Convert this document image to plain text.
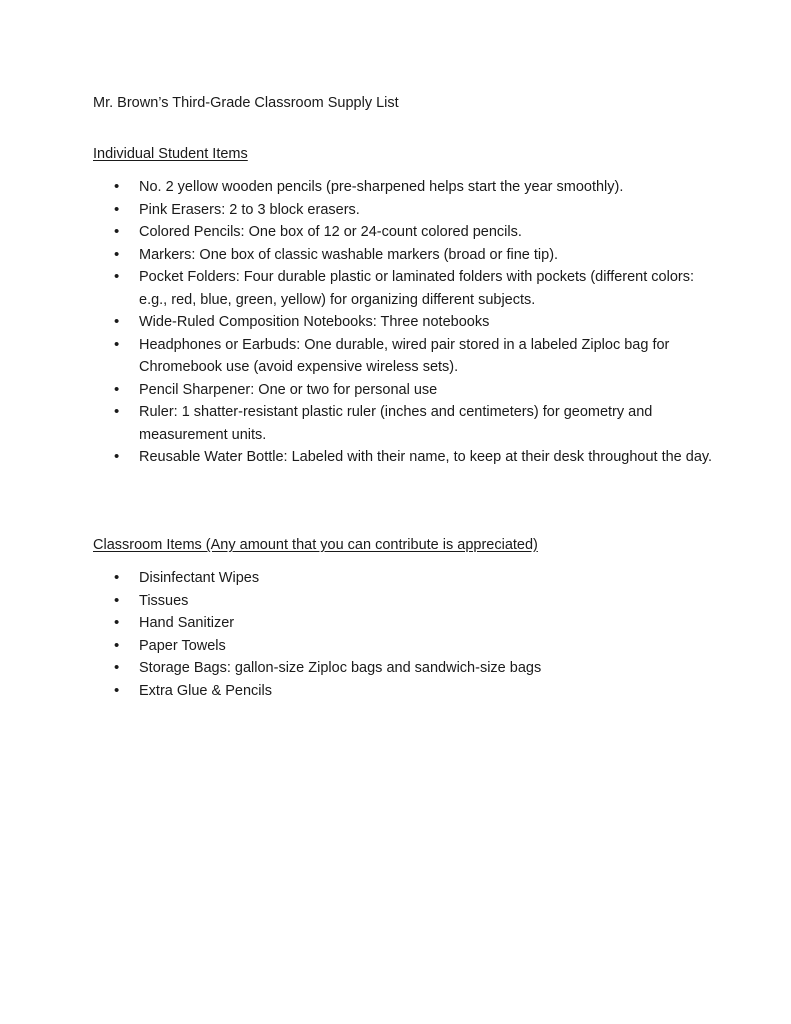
Mr. Brown’s Third-Grade Classroom Supply List
Individual Student Items
• No. 2 yellow wooden pencils (pre-sharpened helps start the year smoothly).
• Pink Erasers: 2 to 3 block erasers.
• Colored Pencils: One box of 12 or 24-count colored pencils.
• Markers: One box of classic washable markers (broad or fine tip).
• Pocket Folders: Four durable plastic or laminated folders with pockets (different colors: e.g., red, blue, green, yellow) for organizing different subjects.
• Wide-Ruled Composition Notebooks: Three notebooks
• Headphones or Earbuds: One durable, wired pair stored in a labeled Ziploc bag for Chromebook use (avoid expensive wireless sets).
• Pencil Sharpener: One or two for personal use
• Ruler: 1 shatter-resistant plastic ruler (inches and centimeters) for geometry and measurement units.
• Reusable Water Bottle: Labeled with their name, to keep at their desk throughout the day.
Classroom Items (Any amount that you can contribute is appreciated)
• Disinfectant Wipes
• Tissues
• Hand Sanitizer
• Paper Towels
• Storage Bags: gallon-size Ziploc bags and sandwich-size bags
• Extra Glue & Pencils
